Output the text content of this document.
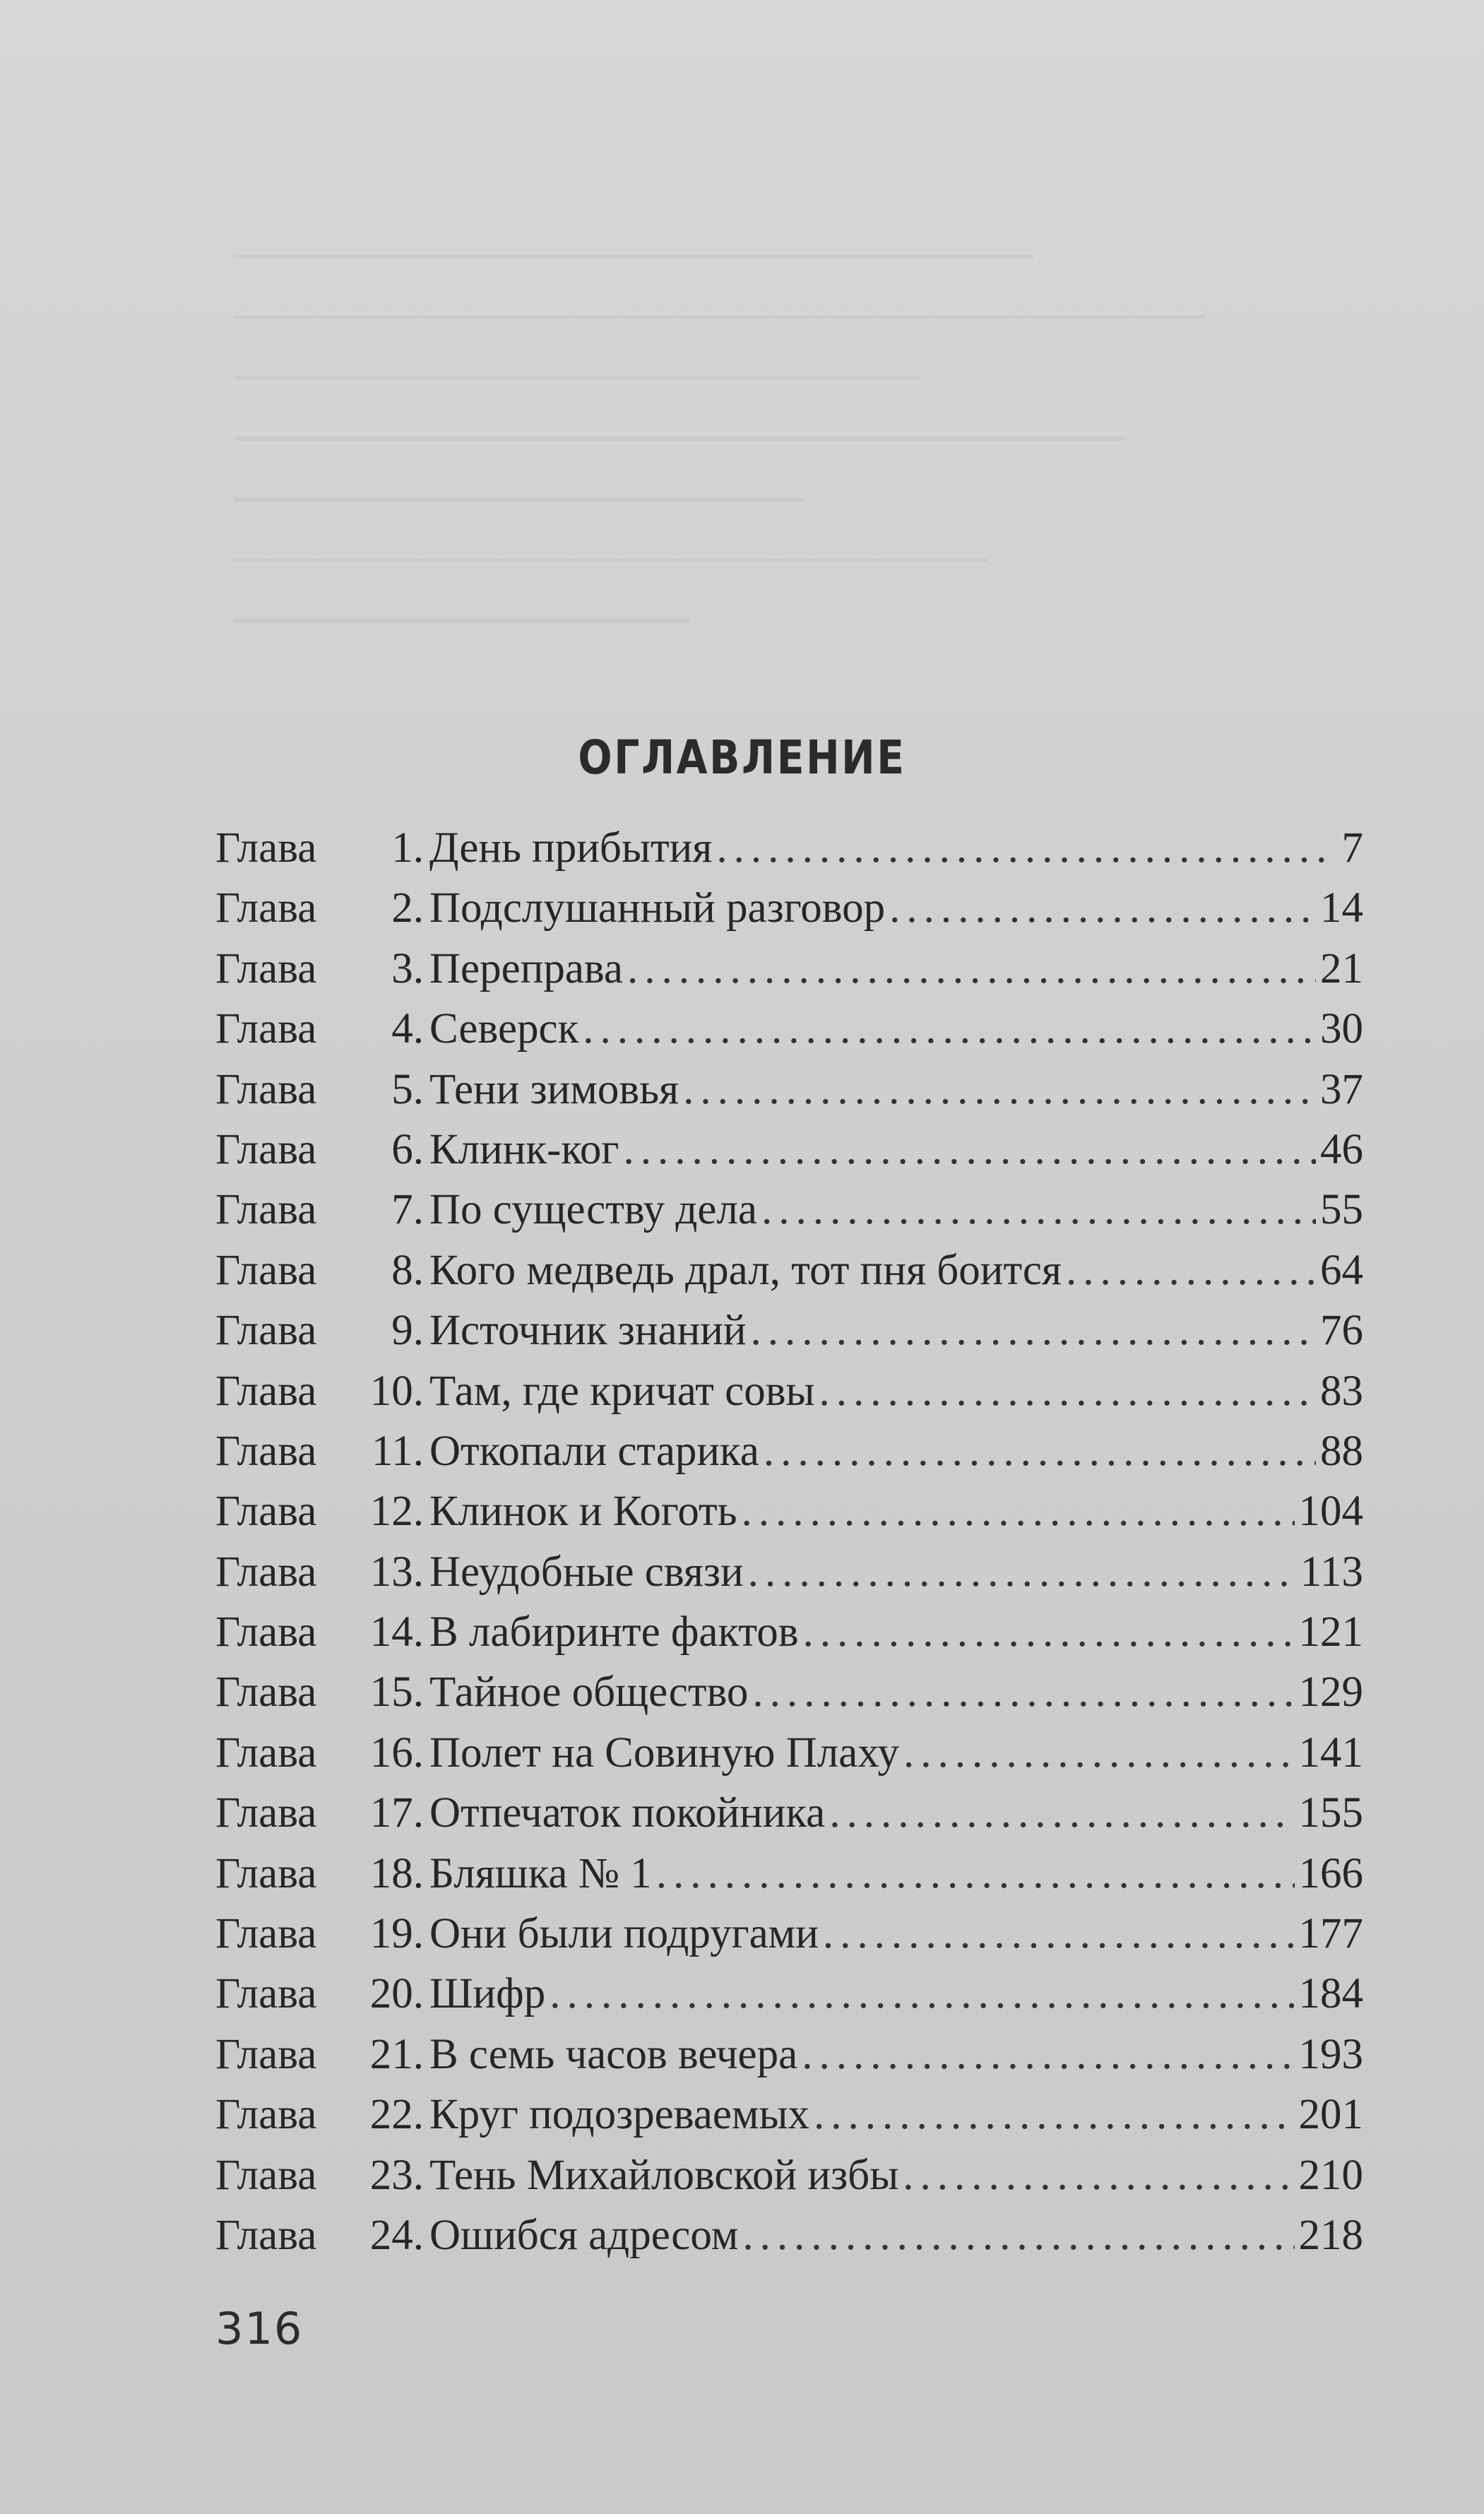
ОГЛАВЛЕНИЕ
Глава	1. День прибытия .....	7
Глава	2. Подслушанный разговор .....	14
Глава	3. Переправа .....	21
Глава	4. Северск .....	30
Глава	5. Тени зимовья .....	37
Глава	6. Клинк-ког .....	46
Глава	7. По существу дела .....	55
Глава	8. Кого медведь драл, тот пня боится .....	64
Глава	9. Источник знаний .....	76
Глава	10. Там, где кричат совы .....	83
Глава	11. Откопали старика .....	88
Глава	12. Клинок и Коготь .....	104
Глава	13. Неудобные связи .....	113
Глава	14. В лабиринте фактов .....	121
Глава	15. Тайное общество .....	129
Глава	16. Полет на Совиную Плаху .....	141
Глава	17. Отпечаток покойника .....	155
Глава	18. Бляшка № 1 .....	166
Глава	19. Они были подругами .....	177
Глава	20. Шифр .....	184
Глава	21. В семь часов вечера .....	193
Глава	22. Круг подозреваемых .....	201
Глава	23. Тень Михайловской избы .....	210
Глава	24. Ошибся адресом .....	218
316
